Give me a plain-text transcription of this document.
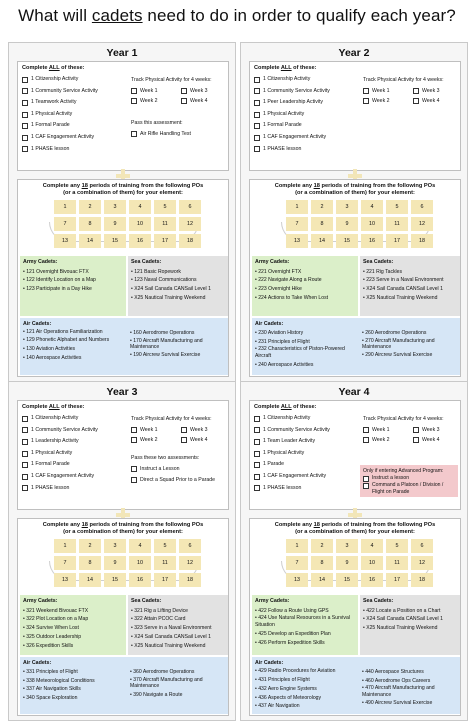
What will cadets need to do in order to qualify each year?
Year 1
Complete ALL of these:
1 Citizenship Activity
1 Community Service Activity
1 Teamwork Activity
1 Physical Activity
1 Formal Parade
1 CAF Engagement Activity
1 PHASE lesson
Track Physical Activity for 4 weeks:
Week 1	Week 3
Week 2	Week 4
Pass this assessment:
Air Rifle Handling Test
Complete any 18 periods of training from the following POs
(or a combination of them) for your element:
1	2	3	4	5	6
7	8	9	10	11	12
13	14	15	16	17	18
Army Cadets:
• 121 Overnight Bivouac FTX
• 122 Identify Location on a Map
• 123 Participate in a Day Hike
Sea Cadets:
• 121 Basic Ropework
• 123 Naval Communications
• X24 Sail Canada CANSail Level 1
• X25 Nautical Training Weekend
Air Cadets:
• 121 Air Operations Familiarization
• 129 Phonetic Alphabet and Numbers
• 130 Aviation Activities
• 140 Aerospace Activities
• 160 Aerodrome Operations
• 170 Aircraft Manufacturing and Maintenance
• 190 Aircrew Survival Exercise
Year 2
Complete ALL of these:
1 Citizenship Activity
1 Community Service Activity
1 Peer Leadership Activity
1 Physical Activity
1 Formal Parade
1 CAF Engagement Activity
1 PHASE lesson
Track Physical Activity for 4 weeks:
Week 1	Week 3
Week 2	Week 4
Complete any 18 periods of training from the following POs
(or a combination of them) for your element:
1	2	3	4	5	6
7	8	9	10	11	12
13	14	15	16	17	18
Army Cadets:
• 221 Overnight FTX
• 222 Navigate Along a Route
• 223 Overnight Hike
• 224 Actions to Take When Lost
Sea Cadets:
• 221 Rig Tackles
• 223 Serve in a Naval Environment
• X24 Sail Canada CANSail Level 1
• X25 Nautical Training Weekend
Air Cadets:
• 230 Aviation History
• 231 Principles of Flight
• 232 Characteristics of Piston-Powered Aircraft
• 240 Aerospace Activities
• 260 Aerodrome Operations
• 270 Aircraft Manufacturing and Maintenance
• 290 Aircrew Survival Exercise
Year 3
Complete ALL of these:
1 Citizenship Activity
1 Community Service Activity
1 Leadership Activity
1 Physical Activity
1 Formal Parade
1 CAF Engagement Activity
1 PHASE lesson
Track Physical Activity for 4 weeks:
Week 1	Week 3
Week 2	Week 4
Pass these two assessments:
Instruct a Lesson
Direct a Squad Prior to a Parade
Complete any 18 periods of training from the following POs
(or a combination of them) for your element:
1	2	3	4	5	6
7	8	9	10	11	12
13	14	15	16	17	18
Army Cadets:
• 321 Weekend Bivouac FTX
• 322 Plot Location on a Map
• 324 Survive When Lost
• 325 Outdoor Leadership
• 326 Expedition Skills
Sea Cadets:
• 321 Rig a Lifting Device
• 322 Attain PCOC Card
• 323 Serve in a Naval Environment
• X24 Sail Canada CANSail Level 1
• X25 Nautical Training Weekend
Air Cadets:
• 331 Principles of Flight
• 338 Meteorological Conditions
• 337 Air Navigation Skills
• 340 Space Exploration
• 360 Aerodrome Operations
• 370 Aircraft Manufacturing and Maintenance
• 390 Navigate a Route
Year 4
Complete ALL of these:
1 Citizenship Activity
1 Community Service Activity
1 Team Leader Activity
1 Physical Activity
1 Parade
1 CAF Engagement Activity
1 PHASE lesson
Track Physical Activity for 4 weeks:
Week 1	Week 3
Week 2	Week 4
Only if entering Advanced Program:
Instruct a lesson
Command a Platoon / Division / Flight on Parade
Complete any 18 periods of training from the following POs
(or a combination of them) for your element:
1	2	3	4	5	6
7	8	9	10	11	12
13	14	15	16	17	18
Army Cadets:
• 422 Follow a Route Using GPS
• 424 Use Natural Resources in a Survival Situation
• 425 Develop an Expedition Plan
• 426 Perform Expedition Skills
Sea Cadets:
• 422 Locate a Position on a Chart
• X24 Sail Canada CANSail Level 1
• X25 Nautical Training Weekend
Air Cadets:
• 429 Radio Procedures for Aviation
• 431 Principles of Flight
• 432 Aero Engine Systems
• 436 Aspects of Meteorology
• 437 Air Navigation
• 440 Aerospace Structures
• 460 Aerodrome Ops Careers
• 470 Aircraft Manufacturing and Maintenance
• 490 Aircrew Survival Exercise
